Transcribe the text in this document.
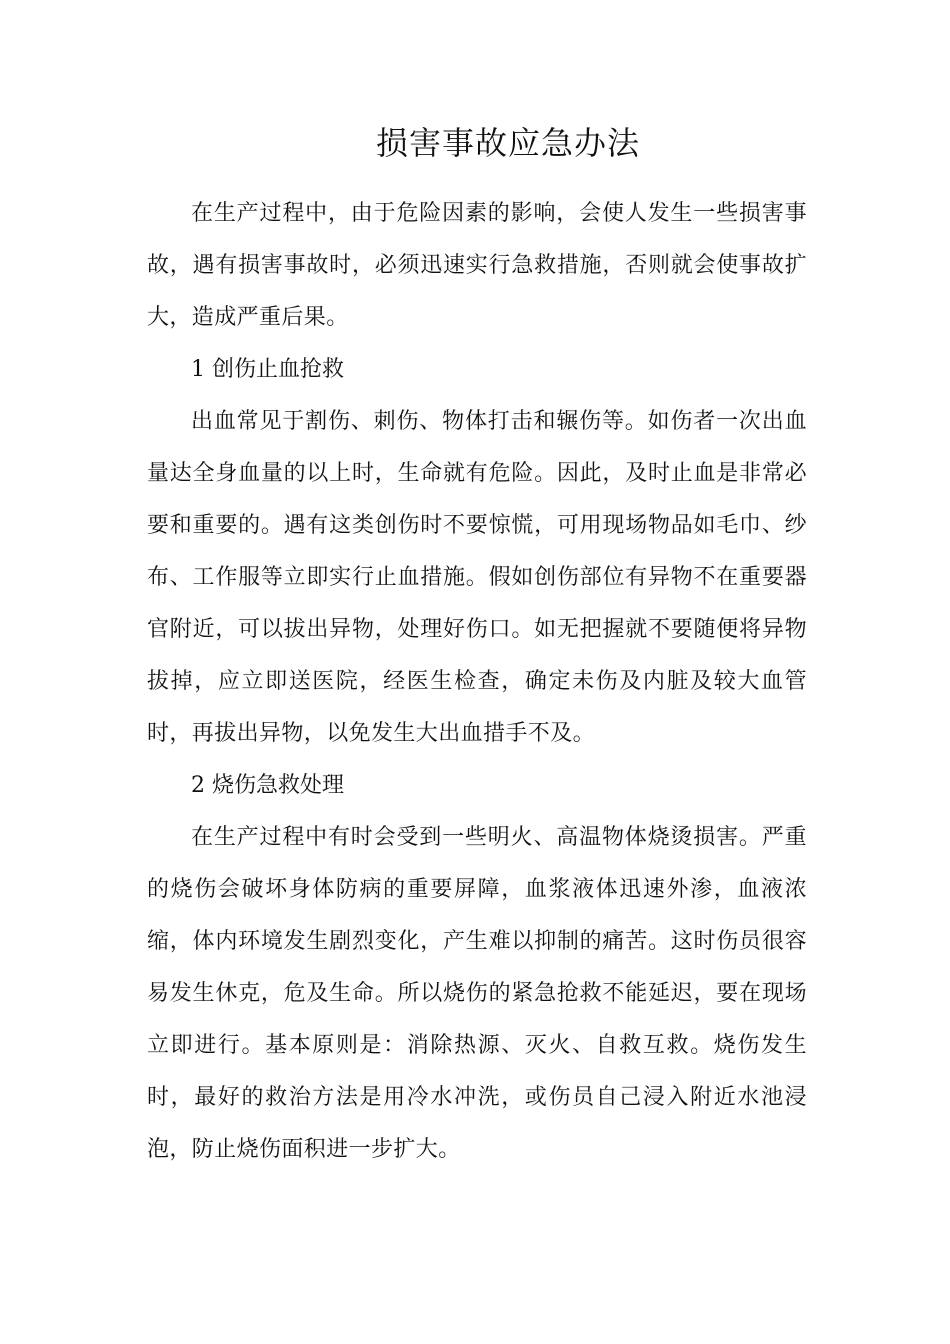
损害事故应急办法

在生产过程中，由于危险因素的影响，会使人发生一些损害事故，遇有损害事故时，必须迅速实行急救措施，否则就会使事故扩大，造成严重后果。

1 创伤止血抢救

出血常见于割伤、刺伤、物体打击和辗伤等。如伤者一次出血量达全身血量的以上时，生命就有危险。因此，及时止血是非常必要和重要的。遇有这类创伤时不要惊慌，可用现场物品如毛巾、纱布、工作服等立即实行止血措施。假如创伤部位有异物不在重要器官附近，可以拔出异物，处理好伤口。如无把握就不要随便将异物拔掉，应立即送医院，经医生检查，确定未伤及内脏及较大血管时，再拔出异物，以免发生大出血措手不及。

2 烧伤急救处理

在生产过程中有时会受到一些明火、高温物体烧烫损害。严重的烧伤会破坏身体防病的重要屏障，血浆液体迅速外渗，血液浓缩，体内环境发生剧烈变化，产生难以抑制的痛苦。这时伤员很容易发生休克，危及生命。所以烧伤的紧急抢救不能延迟，要在现场立即进行。基本原则是：消除热源、灭火、自救互救。烧伤发生时，最好的救治方法是用冷水冲洗，或伤员自己浸入附近水池浸泡，防止烧伤面积进一步扩大。
